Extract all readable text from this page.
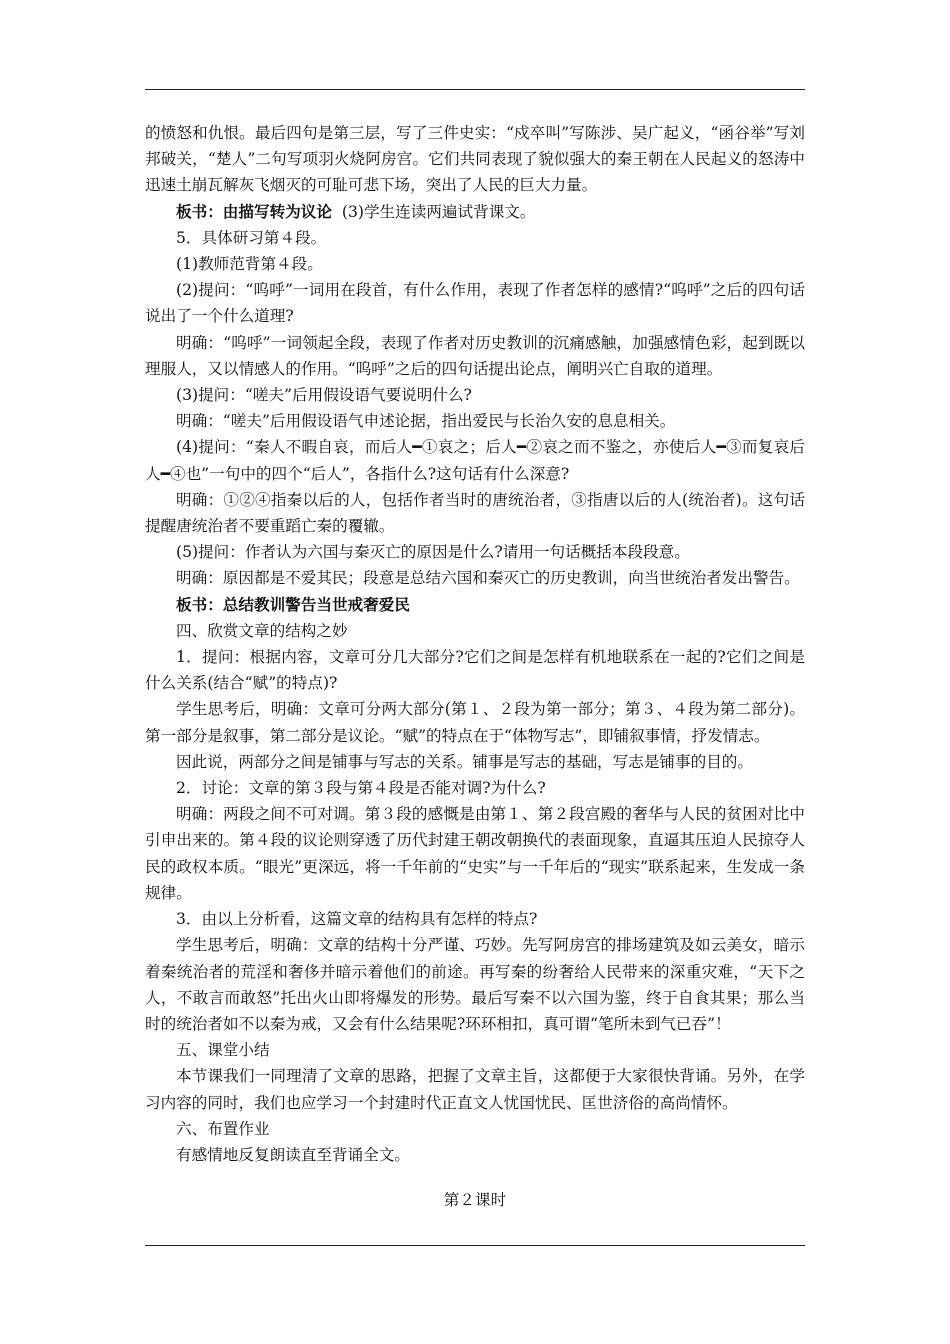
的愤怒和仇恨。最后四句是第三层，写了三件史实：“戍卒叫”写陈涉、吴广起义，“函谷举”写刘邦破关，“楚人”二句写项羽火烧阿房宫。它们共同表现了貌似强大的秦王朝在人民起义的怒涛中迅速土崩瓦解灰飞烟灭的可耻可悲下场，突出了人民的巨大力量。

板书：由描写转为议论  (3)学生连读两遍试背课文。

5．具体研习第４段。

(1)教师范背第４段。

(2)提问：“呜呼”一词用在段首，有什么作用，表现了作者怎样的感情?“呜呼”之后的四句话说出了一个什么道理?

明确：“呜呼”一词领起全段，表现了作者对历史教训的沉痛感触，加强感情色彩，起到既以理服人，又以情感人的作用。“呜呼”之后的四句话提出论点，阐明兴亡自取的道理。

(3)提问：“嗟夫”后用假设语气要说明什么?

明确：“嗟夫”后用假设语气申述论据，指出爱民与长治久安的息息相关。

(4)提问：“秦人不暇自哀，而后人━①哀之；后人━②哀之而不鉴之，亦使后人━③而复哀后人━④也”一句中的四个“后人”，各指什么?这句话有什么深意?

明确：①②④指秦以后的人，包括作者当时的唐统治者，③指唐以后的人(统治者)。这句话提醒唐统治者不要重蹈亡秦的覆辙。

(5)提问：作者认为六国与秦灭亡的原因是什么?请用一句话概括本段段意。

明确：原因都是不爱其民；段意是总结六国和秦灭亡的历史教训，向当世统治者发出警告。

板书：总结教训警告当世戒奢爱民

四、欣赏文章的结构之妙

1．提问：根据内容，文章可分几大部分?它们之间是怎样有机地联系在一起的?它们之间是什么关系(结合“赋”的特点)?

学生思考后，明确：文章可分两大部分(第１、２段为第一部分；第３、４段为第二部分)。第一部分是叙事，第二部分是议论。“赋”的特点在于“体物写志”，即铺叙事情，抒发情志。

因此说，两部分之间是铺事与写志的关系。铺事是写志的基础，写志是铺事的目的。

2．讨论：文章的第３段与第４段是否能对调?为什么?

明确：两段之间不可对调。第３段的感慨是由第１、第２段宫殿的奢华与人民的贫困对比中引申出来的。第４段的议论则穿透了历代封建王朝改朝换代的表面现象，直逼其压迫人民掠夺人民的政权本质。“眼光”更深远，将一千年前的“史实”与一千年后的“现实”联系起来，生发成一条规律。

3．由以上分析看，这篇文章的结构具有怎样的特点?

学生思考后，明确：文章的结构十分严谨、巧妙。先写阿房宫的排场建筑及如云美女，暗示着秦统治者的荒淫和奢侈并暗示着他们的前途。再写秦的纷奢给人民带来的深重灾难，“天下之人，不敢言而敢怒”托出火山即将爆发的形势。最后写秦不以六国为鉴，终于自食其果；那么当时的统治者如不以秦为戒，又会有什么结果呢?环环相扣，真可谓“笔所未到气已吞”！

五、课堂小结

本节课我们一同理清了文章的思路，把握了文章主旨，这都便于大家很快背诵。另外，在学习内容的同时，我们也应学习一个封建时代正直文人忧国忧民、匡世济俗的高尚情怀。

六、布置作业

有感情地反复朗读直至背诵全文。

第２课时
